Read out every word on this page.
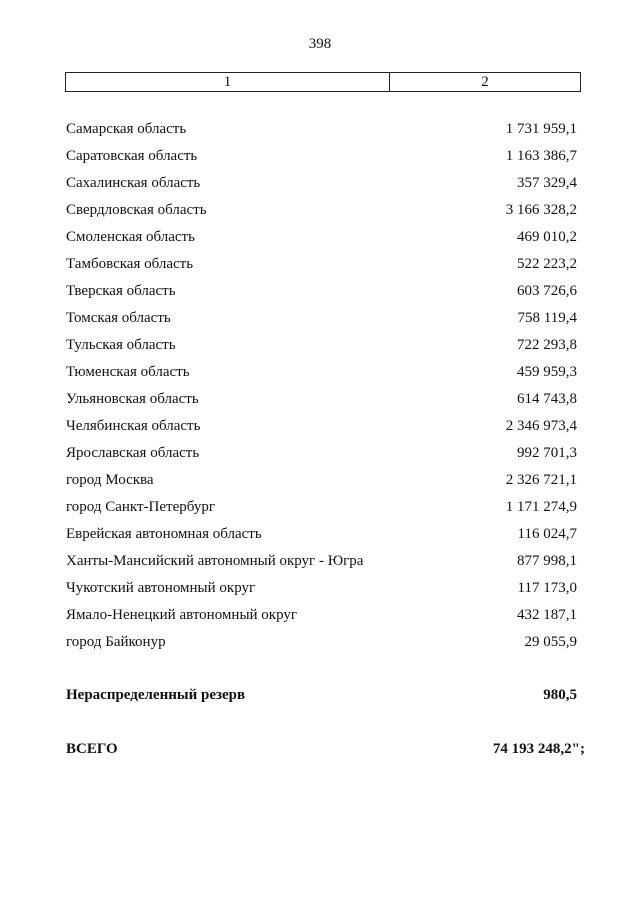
398
1	2
Самарская область	1 731 959,1
Саратовская область	1 163 386,7
Сахалинская область	357 329,4
Свердловская область	3 166 328,2
Смоленская область	469 010,2
Тамбовская область	522 223,2
Тверская область	603 726,6
Томская область	758 119,4
Тульская область	722 293,8
Тюменская область	459 959,3
Ульяновская область	614 743,8
Челябинская область	2 346 973,4
Ярославская область	992 701,3
город Москва	2 326 721,1
город Санкт-Петербург	1 171 274,9
Еврейская автономная область	116 024,7
Ханты-Мансийский автономный округ - Югра	877 998,1
Чукотский автономный округ	117 173,0
Ямало-Ненецкий автономный округ	432 187,1
город Байконур	29 055,9
Нераспределенный резерв	980,5
ВСЕГО	74 193 248,2";
